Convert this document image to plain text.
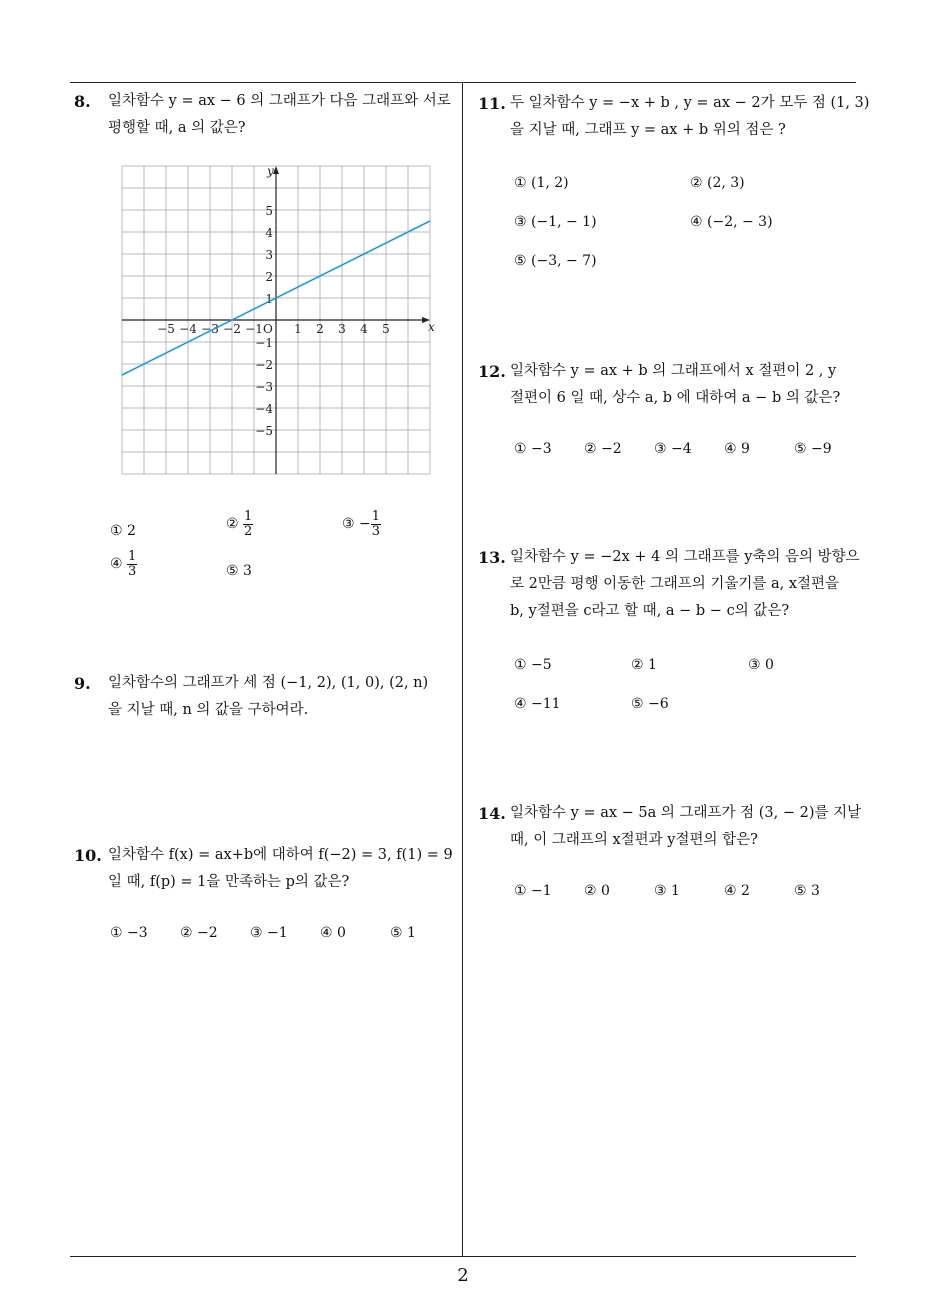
2
8. 일차함수 y = ax − 6 의 그래프가 다음 그래프와 서로
평행할 때, a 의 값은?
x
y
O
−5 −4 −3 −2 −1	1 2 3 4 5
5
4
3
2
1
−1
−2
−3
−4
−5
① 2	② $\frac{1}{2}$	③ − $\frac{1}{3}$
④ $\frac{1}{3}$	⑤ 3
9. 일차함수의 그래프가 세 점 (−1, 2), (1, 0), (2, n)
을 지날 때, n 의 값을 구하여라.
10. 일차함수 f(x) = ax+b에 대하여 f(−2) = 3, f(1) = 9
일 때, f(p) = 1을 만족하는 p의 값은?
① −3 ② −2 ③ −1 ④ 0	⑤ 1
11. 두 일차함수 y = −x + b , y = ax − 2가 모두 점 (1, 3)
을 지날 때, 그래프 y = ax + b 위의 점은 ?
① (1, 2)	② (2, 3)
③ (−1, − 1)	④ (−2, − 3)
⑤ (−3, − 7)
12. 일차함수 y = ax + b 의 그래프에서 x 절편이 2 , y
절편이 6 일 때, 상수 a, b 에 대하여 a − b 의 값은?
① −3 ② −2 ③ −4 ④ 9	⑤ −9
13. 일차함수 y = −2x + 4 의 그래프를 y축의 음의 방향으
로 2만큼 평행 이동한 그래프의 기울기를 a, x절편을
b, y절편을 c라고 할 때, a − b − c의 값은?
① −5	② 1	③ 0
④ −11	⑤ −6
14. 일차함수 y = ax − 5a 의 그래프가 점 (3, − 2)를 지날
때, 이 그래프의 x절편과 y절편의 합은?
① −1 ② 0	③ 1	④ 2	⑤ 3
